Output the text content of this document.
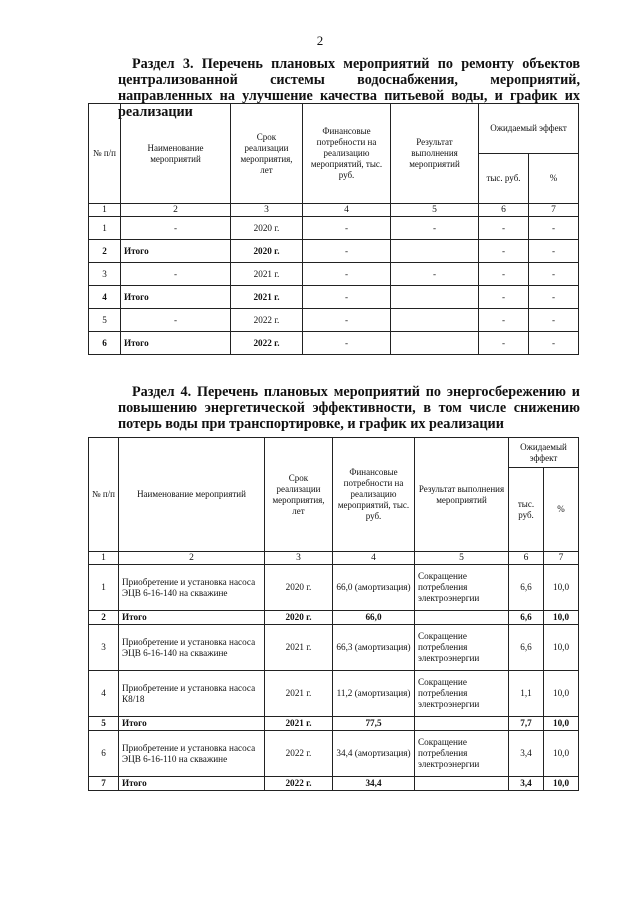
2
Раздел 3. Перечень плановых мероприятий по ремонту объектов централизованной системы водоснабжения, мероприятий, направленных на улучшение качества питьевой воды, и график их реализации
№ п/п	Наименование мероприятий	Срок реализации мероприятия, лет	Финансовые потребности на реализацию мероприятий, тыс. руб.	Результат выполнения мероприятий	Ожидаемый эффект	
					тыс. руб.	%
1	2	3	4	5	6	7
1	-	2020 г.	-	-	-	-
2	Итого	2020 г.	-		-	-
3	-	2021 г.	-	-	-	-
4	Итого	2021 г.	-		-	-
5	-	2022 г.	-		-	-
6	Итого	2022 г.	-		-	-
Раздел 4. Перечень плановых мероприятий по энергосбережению и повышению энергетической эффективности, в том числе снижению потерь воды при транспортировке, и график их реализации
№ п/п	Наименование мероприятий	Срок реализации мероприятия, лет	Финансовые потребности на реализацию мероприятий, тыс. руб.	Результат выполнения мероприятий	Ожидаемый эффект	
					тыс. руб.	%
1	2	3	4	5	6	7
1	Приобретение и установка насоса ЭЦВ 6-16-140 на скважине	2020 г.	66,0 (амортизация)	Сокращение потребления электроэнергии	6,6	10,0
2	Итого	2020 г.	66,0		6,6	10,0
3	Приобретение и установка насоса ЭЦВ 6-16-140 на скважине	2021 г.	66,3 (амортизация)	Сокращение потребления электроэнергии	6,6	10,0
4	Приобретение и установка насоса К8/18	2021 г.	11,2 (амортизация)	Сокращение потребления электроэнергии	1,1	10,0
5	Итого	2021 г.	77,5		7,7	10,0
6	Приобретение и установка насоса ЭЦВ 6-16-110 на скважине	2022 г.	34,4 (амортизация)	Сокращение потребления электроэнергии	3,4	10,0
7	Итого	2022 г.	34,4		3,4	10,0
